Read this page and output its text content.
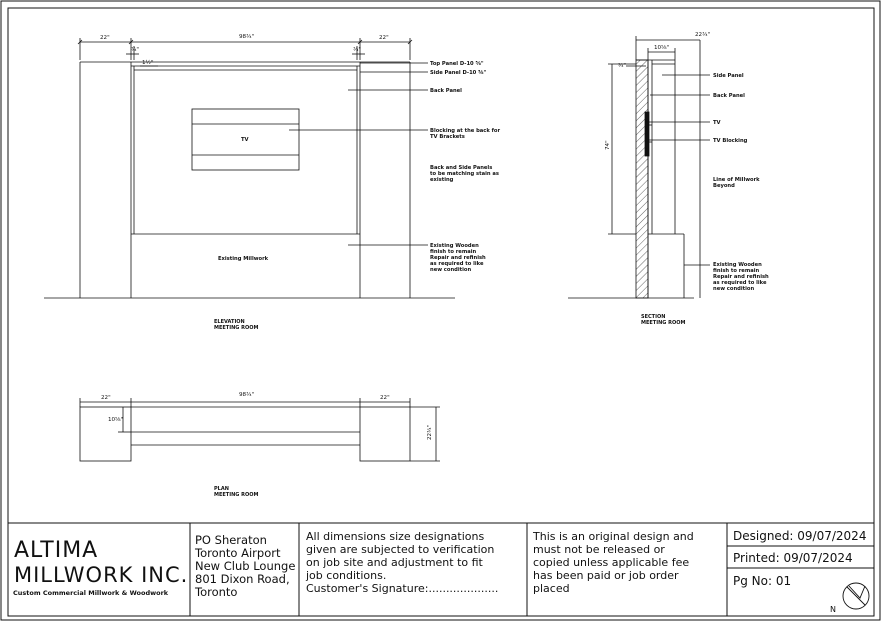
22"	98¾"	22"
¾"	¾"
1½"
TV
Existing Millwork
Top Panel D-10 ⅝"
Side Panel D-10 ⅝"
Back Panel
Blocking at the back for
TV Brackets
Back and Side Panels
to be matching stain as
existing
Existing Wooden
finish to remain
Repair and refinish
as required to like
new condition
ELEVATION
MEETING ROOM
22¾"
10⅝"
¾"
74"
Side Panel
Back Panel
TV
TV Blocking
Line of Millwork
Beyond
Existing Wooden
finish to remain
Repair and refinish
as required to like
new condition
SECTION
MEETING ROOM
22"	98¾"	22"
10⅝"
22¾"
PLAN
MEETING ROOM
ALTIMA
MILLWORK INC.
Custom Commercial Millwork & Woodwork
PO Sheraton
Toronto Airport
New Club Lounge
801 Dixon Road,
Toronto
All dimensions size designations
given are subjected to verification
on job site and adjustment to fit
job conditions.
Customer's Signature:....................
This is an original design and
must not be released or
copied unless applicable fee
has been paid or job order
placed
Designed: 09/07/2024
Printed: 09/07/2024
Pg No: 01
N
